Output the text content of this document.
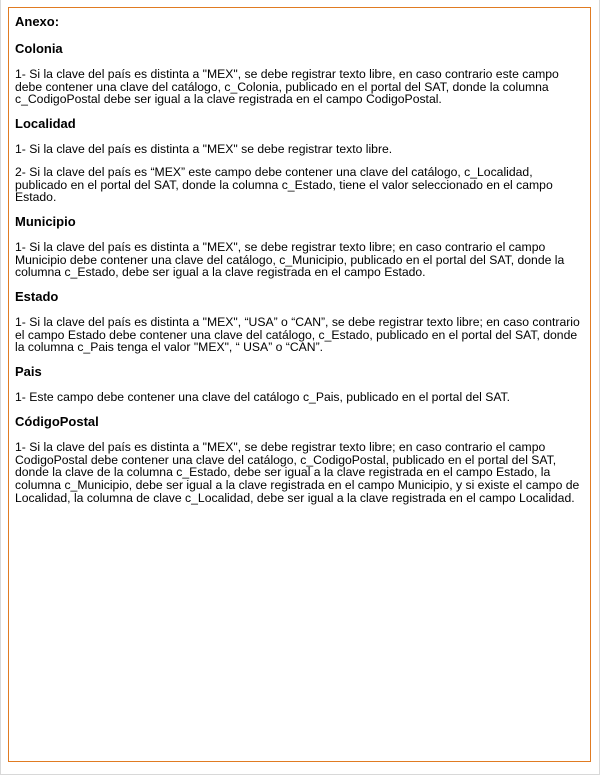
Anexo:
Colonia

1- Si la clave del país es distinta a "MEX", se debe registrar texto libre, en caso contrario este campo debe contener una clave del catálogo, c_Colonia, publicado en el portal del SAT, donde la columna c_CodigoPostal debe ser igual a la clave registrada en el campo CodigoPostal.

Localidad

1- Si la clave del país es distinta a "MEX" se debe registrar texto libre.

2- Si la clave del país es “MEX” este campo debe contener una clave del catálogo, c_Localidad, publicado en el portal del SAT, donde la columna c_Estado, tiene el valor seleccionado en el campo Estado.

Municipio

1- Si la clave del país es distinta a "MEX", se debe registrar texto libre; en caso contrario el campo Municipio debe contener una clave del catálogo, c_Municipio, publicado en el portal del SAT, donde la columna c_Estado, debe ser igual a la clave registrada en el campo Estado.

Estado

1- Si la clave del país es distinta a "MEX", “USA” o “CAN”, se debe registrar texto libre; en caso contrario el campo Estado debe contener una clave del catálogo, c_Estado, publicado en el portal del SAT, donde la columna c_Pais tenga el valor "MEX", “ USA” o “CAN”.

Pais

1- Este campo debe contener una clave del catálogo c_Pais, publicado en el portal del SAT.

CódigoPostal

1- Si la clave del país es distinta a "MEX", se debe registrar texto libre; en caso contrario el campo CodigoPostal debe contener una clave del catálogo, c_CodigoPostal, publicado en el portal del SAT, donde la clave de la columna c_Estado, debe ser igual a la clave registrada en el campo Estado, la columna c_Municipio, debe ser igual a la clave registrada en el campo Municipio, y si existe el campo de Localidad, la columna de clave c_Localidad, debe ser igual a la clave registrada en el campo Localidad.
